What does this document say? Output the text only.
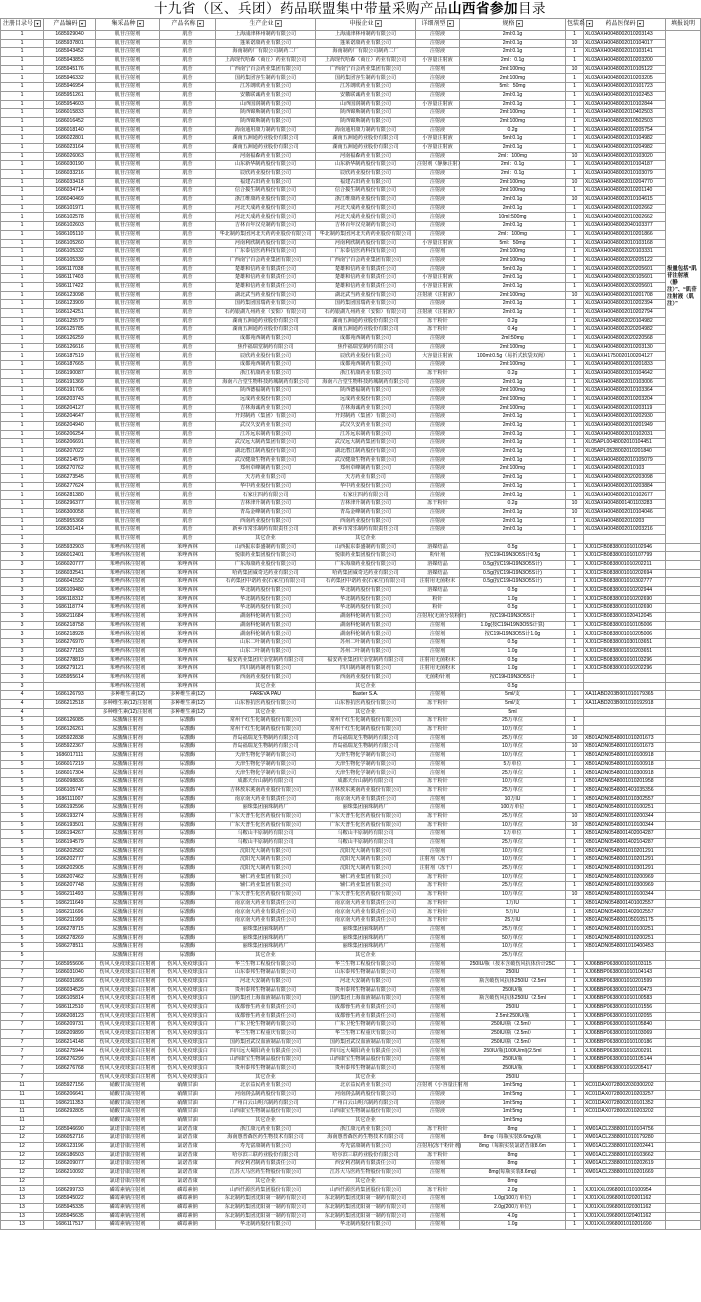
十九省（区、兵团）药品联盟集中带量采购产品山西省参加目录
注册目录号 ▾	产品编码 ▾	集采品种 ▾	产品名称 ▾	生产企业 ▾	申报企业 ▾	详细剂型 ▾	规格 ▾	包装系 ▾	药品医保码 ▾	填报说明
1	1685929040	肌苷注射剂	肌苷	上海浦津林州制药有限公司	上海浦津林州制药有限公司	注射液	2ml:0.1g	1	XL03AXH0048002010203143	报量包括“肌苷注射液（静注）”、“肌苷注射液（肌注）”
1	1685937801	肌苷注射剂	肌苷	蓬莱诺康药业有限公司	蓬莱诺康药业有限公司	注射液	2ml:0.1g	10	XL03AXH0048002010104017	
1	1685943452	肌苷注射剂	肌苷	海南制药厂有限公司制药二厂	海南制药厂有限公司制药二厂	注射液	2ml:0.1g	1	XL03AXH0048002010103141	
1	1685943855	肌苷注射剂	肌苷	上海现代哈森（商丘）药业有限公司	上海现代哈森（商丘）药业有限公司	小容量注射液	2ml：0.1g	1	XL03AXH0048002010203200	
1	1685945176	肌苷注射剂	肌苷	广西南宁百会药业集团有限公司	广西南宁百会药业集团有限公司	注射剂	2ml:100mg	10	XL03AXH0048002010105122	
1	1685946332	肌苷注射剂	肌苷	国药集团容生制药有限公司	国药集团容生制药有限公司	注射液	2ml:100mg	1	XL03AXH0048002010203205	
1	1685946954	肌苷注射剂	肌苷	江苏朗欧药业有限公司	江苏朗欧药业有限公司	注射液	5ml：50mg	1	XL03AXH0048002010101723	
1	1685951261	肌苷注射剂	肌苷	安徽联诚药业有限公司	安徽联诚药业有限公司	注射液	2ml:0.1g	1	XL03AXH0048002010102453	
1	1685954603	肌苷注射剂	肌苷	山西国润制药有限公司	山西国润制药有限公司	小容量注射液	2ml:0.1g	1	XL03AXH0048002010102844	
1	1686015833	肌苷注射剂	肌苷	陕西锦斯制药有限公司	陕西锦斯制药有限公司	注射液	2ml:100mg	1	XL03AXH0048002010402503	
1	1686016452	肌苷注射剂	肌苷	陕西锦斯制药有限公司	陕西锦斯制药有限公司	注射液	2ml:100mg	1	XL03AXH0048002010502503	
1	1686018140	肌苷注射剂	肌苷	海南通用康力制药有限公司	海南通用康力制药有限公司	注射液	0.2g	1	XL03AXH0048002010205754	
1	1686022801	肌苷注射剂	肌苷	湖南五洲通药业股份有限公司	湖南五洲通药业股份有限公司	小容量注射液	5ml:0.1g	1	XL03AXH0048002010104982	
1	1686023164	肌苷注射剂	肌苷	湖南五洲通药业股份有限公司	湖南五洲通药业股份有限公司	小容量注射液	2ml:0.1g	1	XL03AXH0048002010204982	
1	1686026063	肌苷注射剂	肌苷	河南福森药业有限公司	河南福森药业有限公司	注射液	2ml：100mg	10	XL03AXH0048002010103020	
1	1686030190	肌苷注射剂	肌苷	山东新华制药股份有限公司	山东新华制药股份有限公司	注射剂（静脉注射）	2ml：0.1g	1	XL03AXH0048002010104187	
1	1686033216	肌苷注射剂	肌苷	辰欣药业股份有限公司	辰欣药业股份有限公司	注射液	2ml：0.1g	1	XL03AXH0048002010103079	
1	1686033418	肌苷注射剂	肌苷	福建古田药业有限公司	福建古田药业有限公司	注射液	2ml:100mg	10	XL03AXH0048002010204770	
1	1686034714	肌苷注射剂	肌苷	信合援生制药股份有限公司	信合援生制药股份有限公司	注射液	2ml:100mg	1	XL03AXH0048002010201140	
1	1686040469	肌苷注射剂	肌苷	浙江维康药业股份有限公司	浙江维康药业股份有限公司	注射液	2ml:0.1g	10	XL03AXH0048002010104615	
1	1686101971	肌苷注射剂	肌苷	河北天成药业股份有限公司	河北天成药业股份有限公司	注射液	2ml:0.1g	1	XL03AXH0048002010202662	
1	1686102578	肌苷注射剂	肌苷	河北天成药业股份有限公司	河北天成药业股份有限公司	注射液	10ml:500mg	1	XL03AXH0048002010302662	
1	1686102603	肌苷注射剂	肌苷	吉林百年汉克制药有限公司	吉林百年汉克制药有限公司	注射液	2ml:0.1g	1	XL03AXH0048002040103377	
1	1686105110	肌苷注射剂	肌苷	华北制药集团河北天药药业股份有限公司	华北制药集团河北天药药业股份有限公司	注射液	2ml：100mg	1	XL03AXH0048002010201866	
1	1686105260	肌苷注射剂	肌苷	河南利欣制药股份有限公司	河南利欣制药股份有限公司	小容量注射液	5ml：50mg	1	XL03AXH0048002010103168	
1	1686105332	肌苷注射剂	肌苷	广东泰信医药科技有限公司	广东泰信医药科技有限公司	注射剂	2ml:100mg	1	XL03AXH0048002020103331	
1	1686105339	肌苷注射剂	肌苷	广西南宁百会药业集团有限公司	广西南宁百会药业集团有限公司	注射液	2ml:100mg	1	XL03AXH0048002020205122	
1	1686117038	肌苷注射剂	肌苷	楚雄和信药业有限责任公司	楚雄和信药业有限责任公司	注射液	5ml:0.2g	1	XL03AXH0048002020205601	
1	1686117403	肌苷注射剂	肌苷	楚雄和信药业有限责任公司	楚雄和信药业有限责任公司	小容量注射液	2ml:0.1g	1	XL03AXH0048002030105601	
1	1686117422	肌苷注射剂	肌苷	楚雄和信药业有限责任公司	楚雄和信药业有限责任公司	小容量注射液	2ml:0.1g	1	XL03AXH0048002030205601	
1	1686123098	肌苷注射剂	肌苷	湖北武当药业股份有限公司	湖北武当药业股份有限公司	注射液（注射液）	2ml:100mg	10	XL03AXH0048002010201708	
1	1686123909	肌苷注射剂	肌苷	国药集团国瑞药业有限公司	国药集团国瑞药业有限公司	注射液	2ml:0.1g	1	XL03AXH0048002010202394	
1	1686124251	肌苷注射剂	肌苷	石药银湖九州药业（安阳）有限公司	石药银湖九州药业（安阳）有限公司	注射液（注射液）	2ml:0.1g	1	XL03AXH0048002010202794	
1	1686125579	肌苷注射剂	肌苷	湖南五洲通药业股份有限公司	湖南五洲通药业股份有限公司	冻干粉针	0.2g	1	XL03AXH0048002020104982	
1	1686125785	肌苷注射剂	肌苷	湖南五洲通药业股份有限公司	湖南五洲通药业股份有限公司	冻干粉针	0.4g	1	XL03AXH0048002020204982	
1	1686126259	肌苷注射剂	肌苷	成都苑西制药有限公司	成都苑西制药有限公司	注射液	2ml:50mg	1	XL03AXH0048002020220568	
1	1686126616	肌苷注射剂	肌苷	焦作福瑞堂制药有限公司	焦作福瑞堂制药有限公司	注射液	2ml:100mg	1	XL03AXH0048002010203130	
1	1686187519	肌苷注射剂	肌苷	辰欣药业股份有限公司	辰欣药业股份有限公司	大容量注射液	100ml:0.5g（易折式软袋双阀）	1	XL03AXH1750020100204127	
1	1686187665	肌苷注射剂	肌苷	成都苑西制药有限公司	成都苑西制药有限公司	注射液	2ml:100mg	1	XL03AXH0048002010201833	
1	1686190087	肌苷注射剂	肌苷	浙江杭康药业有限公司	浙江杭康药业有限公司	冻干粉针	0.2g	1	XL03AXH0048002010104642	
1	1686191369	肌苷注射剂	肌苷	海南六合堂生物科技药城制药有限公司	海南六合堂生物科技药城制药有限公司	注射液	2ml:0.1g	1	XL03AXH0048002010103006	
1	1686191706	肌苷注射剂	肌苷	陕西德福制药有限公司	陕西德福制药有限公司	注射液	2ml:100mg	1	XL03AXH0048002010103364	
1	1686203743	肌苷注射剂	肌苷	远成药业股份有限公司	远成药业股份有限公司	注射液	2ml:100mg	1	XL03AXH0048002010203204	
1	1686204127	肌苷注射剂	肌苷	吉林海诚药业有限公司	吉林海诚药业有限公司	注射液	2ml:100mg	1	XL03AXH0048002010203119	
1	1686204647	肌苷注射剂	肌苷	开封制药（集团）有限公司	开封制药（集团）有限公司	注射液	2ml:0.1g	1	XL03AXH0048002010202930	
1	1686204940	肌苷注射剂	肌苷	武汉久安药业有限公司	武汉久安药业有限公司	注射液	2ml:0.1g	1	XL03AXH0048002010201949	
1	1686206254	肌苷注射剂	肌苷	江苏远东制药有限公司	江苏远东制药有限公司	注射液	2ml:0.1g	1	XL03AXH0048002010102031	
1	1686206691	肌苷注射剂	肌苷	武汉远大制药集团有限公司	武汉远大制药集团有限公司	注射液	2ml:0.1g	1	XL05APL0048002010104451	
1	1686207022	肌苷注射剂	肌苷	湖北潜江制药股份有限公司	湖北潜江制药股份有限公司	注射液	2ml:0.1g	1	XL05APL0528002010201840	
1	1686214579	肌苷注射剂	肌苷	武汉健康生物药业有限公司	武汉健康生物药业有限公司	注射液	2ml:0.1g	1	XL03AXH0048002010105079	
1	1686270762	肌苷注射剂	肌苷	郑州卓峰制药有限公司	郑州卓峰制药有限公司	注射液	2ml:100mg	1	XL03AXH0048002010103	
1	1686273545	肌苷注射剂	肌苷	天方药业有限公司	天方药业有限公司	注射液	2ml:0.1g	1	XL03AXH0048002020203098	
1	1686277624	肌苷注射剂	肌苷	华中药业股份有限公司	华中药业股份有限公司	注射液	2ml:0.1g	1	XL03AXH0048002010203884	
1	1686281380	肌苷注射剂	肌苷	石家庄四药有限公司	石家庄四药有限公司	注射液	2ml:0.1g	1	XL03AXH0048002010102677	
1	1686296377	肌苷注射剂	肌苷	吉林津升制药有限公司	吉林津升制药有限公司	冻干粉针	0.2g	10	XL03AXH0048001401103283	
1	1686300058	肌苷注射剂	肌苷	青岛金峰制药有限公司	青岛金峰制药有限公司	注射液	2ml:0.1g	10	XL03AXH0048002010104046	
1	1685955368	肌苷注射剂	肌苷	西南药业股份有限公司	西南药业股份有限公司	注射液	2ml:0.1g	1	XL03AXH0048002010203	
1	1686301414	肌苷注射剂	肌苷	新乡市常乐制药有限责任公司	新乡市常乐制药有限责任公司	注射液	2ml:0.1g	1	XL03AXH0048002010203216	
1		肌苷注射剂	肌苷	其它企业	其它企业					
3	1685932903	苯唑西林注射剂	苯唑西林	山西振东泰盛制药有限公司	山西振东泰盛制药有限公司	溶媒结晶	0.5g	1	XJ01CFB0838001010102946	
3	1686012401	苯唑西林注射剂	苯唑西林	悦康药业集团股份有限公司	悦康药业集团股份有限公司	粉针剂	按C19H19N3O5S计0.5g	1	XJ01CFB0838001010107799	
3	1686020777	苯唑西林注射剂	苯唑西林	广东海康药业股份有限公司	广东海康药业股份有限公司	溶媒结晶	0.5g(按C19H19N3O5S计)	1	XJ01CFB0838001010202211	
3	1686032541	苯唑西林注射剂	苯唑西林	哈药集团威奇达药业有限公司	哈药集团威奇达药业有限公司	溶媒结晶	0.5g(按C19H19N3O5S计)	1	XJ01CFB0838001010202694	
3	1686041552	苯唑西林注射剂	苯唑西林	石药集团中诺药业(石家庄)有限公司	石药集团中诺药业(石家庄)有限公司	注射用无菌粉末	0.5g(按C19H19N3O5S计)	1	XJ01CFB0838001010302777	
3	1686109480	苯唑西林注射剂	苯唑西林	华北制药股份有限公司	华北制药股份有限公司	溶媒结晶	0.5g	1	XJ01CFB0838001010202944	
3	1686118312	苯唑西林注射剂	苯唑西林	华北制药股份有限公司	华北制药股份有限公司	粉针	1.0g	1	XJ01CFB0838001010202690	
3	1686118774	苯唑西林注射剂	苯唑西林	华北制药股份有限公司	华北制药股份有限公司	粉针	0.5g	1	XJ01CFB0838001010102690	
3	1686211684	苯唑西林注射剂	苯唑西林	湖南科伦制药有限公司	湖南科伦制药有限公司	注射用(无菌分装粉针)	按C19H19N3O5S计	1	XJ01CFB0838001020412045	
3	1686218758	苯唑西林注射剂	苯唑西林	湖南科伦制药有限公司	湖南科伦制药有限公司	注射剂	1.0g(按C19H19N3O5S计算)	1	XJ01CFB0838001010105006	
3	1686218928	苯唑西林注射剂	苯唑西林	湖南科伦制药有限公司	湖南科伦制药有限公司	注射剂	按C19H19N3O5S计1.0g	1	XJ01CFB0838001010205006	
3	1686276970	苯唑西林注射剂	苯唑西林	山东二叶制药有限公司	苏州二叶制药有限公司	注射剂	0.5g	1	XJ01CFB0838001030103651	
3	1686277183	苯唑西林注射剂	苯唑西林	山东二叶制药有限公司	苏州二叶制药有限公司	注射剂	1.0g	1	XJ01CFB0838001010203651	
3	1686278819	苯唑西林注射剂	苯唑西林	福安药业集团庆余堂制药有限公司	福安药业集团庆余堂制药有限公司	注射用无菌粉末	0.5g	1	XJ01CFB0838001010103296	
3	1686279121	苯唑西林注射剂	苯唑西林	四川制药制剂有限公司	四川制药制剂有限公司	注射用无菌粉末	1.0g	1	XJ01CFB0838001010202296	
3	1685955614	苯唑西林注射剂	苯唑西林	西南药业股份有限公司	西南药业股份有限公司	无菌粉针剂	按C19H19N3O5S计	1		
3		苯唑西林注射剂	苯唑西林	其它企业	其它企业		0.5g			
4	1686126793	多种维生素(12)	多种维生素(12)	FAREVA PAU	Baxter S.A.	注射剂	5ml/支	1	XA11ABD203B001010179365	
4	1686212518	多种维生素(12)注射剂	多种维生素(12)	山东鲁抗医药股份有限公司	山东鲁抗医药股份有限公司	冻干粉针	5ml/支	1	XA11ABD203B001010192918	
4		多种维生素(12)注射剂	多种维生素(12)	其它企业	其它企业		5ml			
5	1686126085	尿激酶注射剂	尿激酶	常州千红生化制药股份有限公司	常州千红生化制药股份有限公司	冻干粉针	25万单位	1		
5	1686126261	尿激酶注射剂	尿激酶	常州千红生化制药股份有限公司	常州千红生化制药股份有限公司	冻干粉针	10万单位	1		
5	1685922838	尿激酶注射剂	尿激酶	青岛福瑞龙生物制药有限公司	青岛福瑞龙生物制药有限公司	注射剂	25万单位	10	XB01ADN0548001010201673	
5	1685922367	尿激酶注射剂	尿激酶	青岛福瑞龙生物制药有限公司	青岛福瑞龙生物制药有限公司	注射剂	10万单位	10	XB01ADN0548001010101673	
5	1686017111	尿激酶注射剂	尿激酶	天津生物化学制药有限公司	天津生物化学制药有限公司	注射剂	10万单位	1	XB01ADN0548001010100918	
5	1686017219	尿激酶注射剂	尿激酶	天津生物化学制药有限公司	天津生物化学制药有限公司	注射剂	5万单位	1	XB01ADN0548001010100918	
5	1686017304	尿激酶注射剂	尿激酶	天津生物化学制药有限公司	天津生物化学制药有限公司	注射剂	25万单位	1	XB01ADN0548001010300918	
5	1686098836	尿激酶注射剂	尿激酶	成都天台山制药有限公司	成都天台山制药有限公司	冻干粉针	10万单位	1	XB01ADN0548001010201958	
5	1686105747	尿激酶注射剂	尿激酶	吉林敖东洮南药业股份有限公司	吉林敖东洮南药业股份有限公司	冻干粉针	25万单位	1	XB01ADN0548001401035356	
5	1686111007	尿激酶注射剂	尿激酶	南京南大药业有限责任公司	南京南大药业有限责任公司	注射剂	10万IU	1	XB01ADN0548001010302557	
5	1686192596	尿激酶注射剂	尿激酶	丽珠集团丽珠制药厂	丽珠集团丽珠制药厂	注射剂	100万单位	1	XB01ADN0548001010100251	
5	1686193274	尿激酶注射剂	尿激酶	广东天普生化医药股份有限公司	广东天普生化医药股份有限公司	冻干粉针	25万单位	10	XB01ADN0548001010200344	
5	1686193501	尿激酶注射剂	尿激酶	广东天普生化医药股份有限公司	广东天普生化医药股份有限公司	冻干粉针	10万单位	10	XB01ADN0548001010100344	
5	1686194267	尿激酶注射剂	尿激酶	马鞍山丰原制药有限公司	马鞍山丰原制药有限公司	注射剂	1万单位	1	XB01ADN0548001402004287	
5	1686194579	尿激酶注射剂	尿激酶	马鞍山丰原制药有限公司	马鞍山丰原制药有限公司	注射剂	25万单位	1	XB01ADN0548001402104287	
5	1686202582	尿激酶注射剂	尿激酶	沈阳光大制药有限公司	沈阳光大制药有限公司	注射剂	10万单位	1	XB01ADN0548001010201291	
5	1686202777	尿激酶注射剂	尿激酶	沈阳光大制药有限公司	沈阳光大制药有限公司	注射剂（冻干）	10万单位	1	XB01ADN0548001010201291	
5	1686202905	尿激酶注射剂	尿激酶	沈阳光大制药有限公司	沈阳光大制药有限公司	注射剂（冻干）	25万单位	1	XB01ADN0548001010301291	
5	1686207462	尿激酶注射剂	尿激酶	辅仁药业集团有限公司	辅仁药业集团有限公司	冻干粉针	10万单位	1	XB01ADN0548001010200969	
5	1686207748	尿激酶注射剂	尿激酶	辅仁药业集团有限公司	辅仁药业集团有限公司	冻干粉针	25万单位	1	XB01ADN0548001010300969	
5	1686211493	尿激酶注射剂	尿激酶	广东天普生化医药股份有限公司	广东天普生化医药股份有限公司	冻干粉针	10万单位	10	XB01ADN0548001010100344	
5	1686211649	尿激酶注射剂	尿激酶	南京南大药业有限责任公司	南京南大药业有限责任公司	冻干粉针	1万IU	1	XB01ADN0548001401002557	
5	1686211696	尿激酶注射剂	尿激酶	南京南大药业有限责任公司	南京南大药业有限责任公司	冻干粉针	5万IU	1	XB01ADN0548001402002557	
5	1686211999	尿激酶注射剂	尿激酶	南京南大药业有限责任公司	南京南大药业有限责任公司	冻干粉针	25万IU	1	XB01ADN0548001050105175	
5	1686278715	尿激酶注射剂	尿激酶	丽珠集团丽珠制药厂	丽珠集团丽珠制药厂	注射剂	25万单位	1	XB01ADN0548001010100251	
5	1686278269	尿激酶注射剂	尿激酶	丽珠集团丽珠制药厂	丽珠集团丽珠制药厂	注射剂	50万单位	1	XB01ADN0548001010200251	
5	1686278511	尿激酶注射剂	尿激酶	丽珠集团丽珠制药厂	丽珠集团丽珠制药厂	注射剂	10万单位	1	XB01ADN0548001010400453	
5		尿激酶注射剂	尿激酶	其它企业	其它企业		25万单位			
7	1685955606	伤风人免疫球蛋白注射剂	伤风人免疫球蛋白	华兰生物工程股份有限公司	华兰生物工程股份有限公司	注射剂	250IU/瓶（按本含破伤风抗体价计25C	1	XJ06BBP0638001010103115	
7	1686031040	伤风人免疫球蛋白注射剂	伤风人免疫球蛋白	山东泰邦生物制品有限公司	山东泰邦生物制品有限公司	注射剂	250IU	1	XJ06BBP0638001010104143	
7	1686031866	伤风人免疫球蛋白注射剂	伤风人免疫球蛋白	河北大安制药有限公司	河北大安制药有限公司	注射剂	瓶含破伤风抗体250IU（2.5ml	1	XJ06BBP0638001010201599	
7	1686034529	伤风人免疫球蛋白注射剂	伤风人免疫球蛋白	贵州泰邦生物制品有限公司	贵州泰邦生物制品有限公司	注射剂	250IU/瓶	1	XJ06BBP0638001010100473	
7	1686105814	伤风人免疫球蛋白注射剂	伤风人免疫球蛋白	国药集团上海血液制品有限公司	国药集团上海血液制品有限公司	注射剂	瓶含破伤风抗体250IU（2.5ml	1	XJ06BBP0638001010100583	
7	1686112510	伤风人免疫球蛋白注射剂	伤风人免疫球蛋白	成都蓉生药业有限责任公司	成都蓉生药业有限责任公司	注射剂	250IU	1	XJ06BBP0638001010101556	
7	1686208123	伤风人免疫球蛋白注射剂	伤风人免疫球蛋白	成都蓉生药业有限责任公司	成都蓉生药业有限责任公司	注射剂	2.5ml:250IU/瓶	1	XJ06BBP0638001010102055	
7	1686209731	伤风人免疫球蛋白注射剂	伤风人免疫球蛋白	广东卫伦生物制药有限公司	广东卫伦生物制药有限公司	注射剂	250IU/瓶（2.5ml）	1	XJ06BBP0638001010105840	
7	1686209899	伤风人免疫球蛋白注射剂	伤风人免疫球蛋白	华兰生物工程重庆有限公司	华兰生物工程重庆有限公司	注射剂	250IU/瓶（2.5ml）	1	XJ06BBP0638001010103069	
7	1686214148	伤风人免疫球蛋白注射剂	伤风人免疫球蛋白	国药集团武汉血液制品有限公司	国药集团武汉血液制品有限公司	注射剂	250IU/瓶（2.5ml）	1	XJ06BBP0638001010100186	
7	1686275944	伤风人免疫球蛋白注射剂	伤风人免疫球蛋白	四川远大蜀阳药业有限责任公司	四川远大蜀阳药业有限责任公司	注射剂	250IU/瓶(100IU/ml)(2.5ml	1	XJ06BBP0638001010200291	
7	1686276299	伤风人免疫球蛋白注射剂	伤风人免疫球蛋白	山西康宝生物制品股份有限公司	山西康宝生物制品股份有限公司	注射剂	250IU/瓶	1	XJ06BBP0638001010105144	
7	1686276768	伤风人免疫球蛋白注射剂	伤风人免疫球蛋白	贵州泰邦生物制品有限公司	贵州泰邦生物制品有限公司	注射剂	250IU/瓶	1	XJ06BBP0638001010205417	
7		伤风人免疫球蛋白注射剂	伤风人免疫球蛋白	其它企业	其它企业		250IU			
11	1685927156	硝酸甘油注射剂	硝酸甘油	北京益民药业有限公司	北京益民药业有限公司	注射剂（小容量注射剂	1ml:5mg	1	XC01DAX0728002030300202	
11	1686206641	硝酸甘油注射剂	硝酸甘油	河南润弘制药股份有限公司	河南润弘制药股份有限公司	注射液	1ml:5mg	1	XC01DAX0728002010203257	
11	1686211353	硝酸甘油注射剂	硝酸甘油	广州白云山明兴制药有限公司	广州白云山明兴制药有限公司	注射液	1ml:5mg	1	XC01DAX0728002010101352	
11	1686292805	硝酸甘油注射剂	硝酸甘油	山西康宝生物制品股份有限公司	山西康宝生物制品股份有限公司	注射液	1ml:5mg	1	XC01DAX0728002010203202	
11		硝酸甘油注射剂	硝酸甘油	其它企业	其它企业		1ml:5mg			
12	1685946690	氯诺昔康注射剂	氯诺昔康	浙江康元药业有限公司	浙江康元药业有限公司	冻干粉针	8mg	1	XM01ACL2388001010104756	
12	1686052716	氯诺昔康注射剂	氯诺昔康	海南惠普森医药生物技术有限公司	海南惠普森医药生物技术有限公司	注射剂	8mg（每瓶实装8.6mg)/瓶	1	XM01ACL2388001010179280	
12	1686123196	氯诺昔康注射剂	氯诺昔康	寿光富康制药有限公司	寿光富康制药有限公司	注射用(冻干粉针剂)	8mg（每瓶实装氯诺昔康8.6m	1	XM01ACL2388001010202441	
12	1686186503	氯诺昔康注射剂	氯诺昔康	哈尔滨三联药业股份有限公司	哈尔滨三联药业股份有限公司	冻干粉针	8mg	1	XM01ACL2388001010103662	
12	1686209077	氯诺昔康注射剂	氯诺昔康	西安利君制药有限责任公司	西安利君制药有限责任公司	注射剂	8mg	1	XM01ACL2388001010202619	
12	1686210092	氯诺昔康注射剂	氯诺昔康	江苏大马医药生物股份有限公司	江苏大马医药生物股份有限公司	注射剂	8mg(每瓶实装8.6mg)	1	XM01ACL2388001010201669	
12		氯诺昔康注射剂	氯诺昔康	其它企业	其它企业		8mg			
13	1686299733	磷霉素钠注射剂	磷霉素钠	山西仟源医药集团股份有限公司	山西仟源医药集团股份有限公司	冻干粉针	2.0g	1	XJ01XXL0968001010100954	
13	1685945022	磷霉素钠注射剂	磷霉素钠	东北制药集团沈阳第一制药有限公司	东北制药集团沈阳第一制药有限公司	注射剂	1.0g(100万单位)	1	XJ01XXL0968001020201162	
13	1685945335	磷霉素钠注射剂	磷霉素钠	东北制药集团沈阳第一制药有限公司	东北制药集团沈阳第一制药有限公司	注射剂	2.0g(200万单位)	1	XJ01XXL0968001020301162	
13	1685945635	磷霉素钠注射剂	磷霉素钠	东北制药集团沈阳第一制药有限公司	东北制药集团沈阳第一制药有限公司	注射剂	4.0g	1	XJ01XXL0968001020401162	
13	1686117517	磷霉素钠注射剂	磷霉素钠	华北制药股份有限公司	华北制药股份有限公司	注射剂	1.0g	1	XJ01XXL0968001010201690	
